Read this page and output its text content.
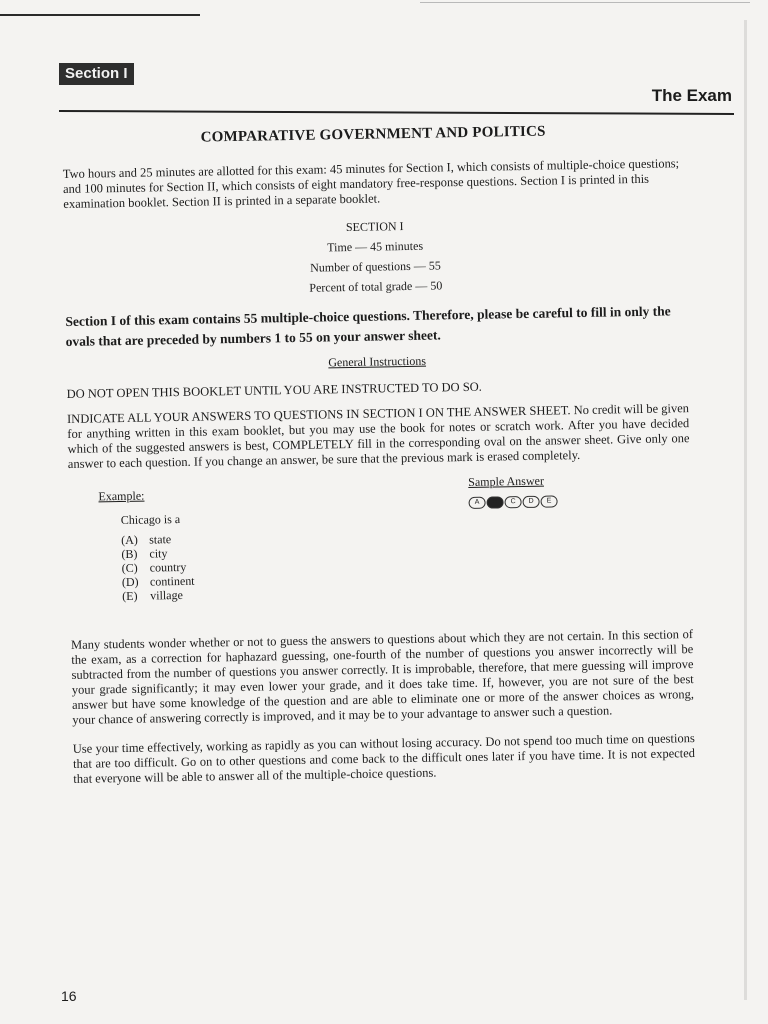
Section I
The Exam
COMPARATIVE GOVERNMENT AND POLITICS

Two hours and 25 minutes are allotted for this exam: 45 minutes for Section I, which consists of multiple-choice questions; and 100 minutes for Section II, which consists of eight mandatory free-response questions. Section I is printed in this examination booklet. Section II is printed in a separate booklet.

SECTION I
Time — 45 minutes
Number of questions — 55
Percent of total grade — 50
Section I of this exam contains 55 multiple-choice questions. Therefore, please be careful to fill in only the ovals that are preceded by numbers 1 to 55 on your answer sheet.
General Instructions
DO NOT OPEN THIS BOOKLET UNTIL YOU ARE INSTRUCTED TO DO SO.

INDICATE ALL YOUR ANSWERS TO QUESTIONS IN SECTION I ON THE ANSWER SHEET. No credit will be given for anything written in this exam booklet, but you may use the book for notes or scratch work. After you have decided which of the suggested answers is best, COMPLETELY fill in the corresponding oval on the answer sheet. Give only one answer to each question. If you change an answer, be sure that the previous mark is erased completely.

Example:
Sample Answer
A	B	C	D	E
Chicago is a
(A) state
(B) city
(C) country
(D) continent
(E)	village

Many students wonder whether or not to guess the answers to questions about which they are not certain. In this section of the exam, as a correction for haphazard guessing, one-fourth of the number of questions you answer incorrectly will be subtracted from the number of questions you answer correctly. It is improbable, therefore, that mere guessing will improve your grade significantly; it may even lower your grade, and it does take time. If, however, you are not sure of the best answer but have some knowledge of the question and are able to eliminate one or more of the answer choices as wrong, your chance of answering correctly is improved, and it may be to your advantage to answer such a question.

Use your time effectively, working as rapidly as you can without losing accuracy. Do not spend too much time on questions that are too difficult. Go on to other questions and come back to the difficult ones later if you have time. It is not expected that everyone will be able to answer all of the multiple-choice questions.

16
